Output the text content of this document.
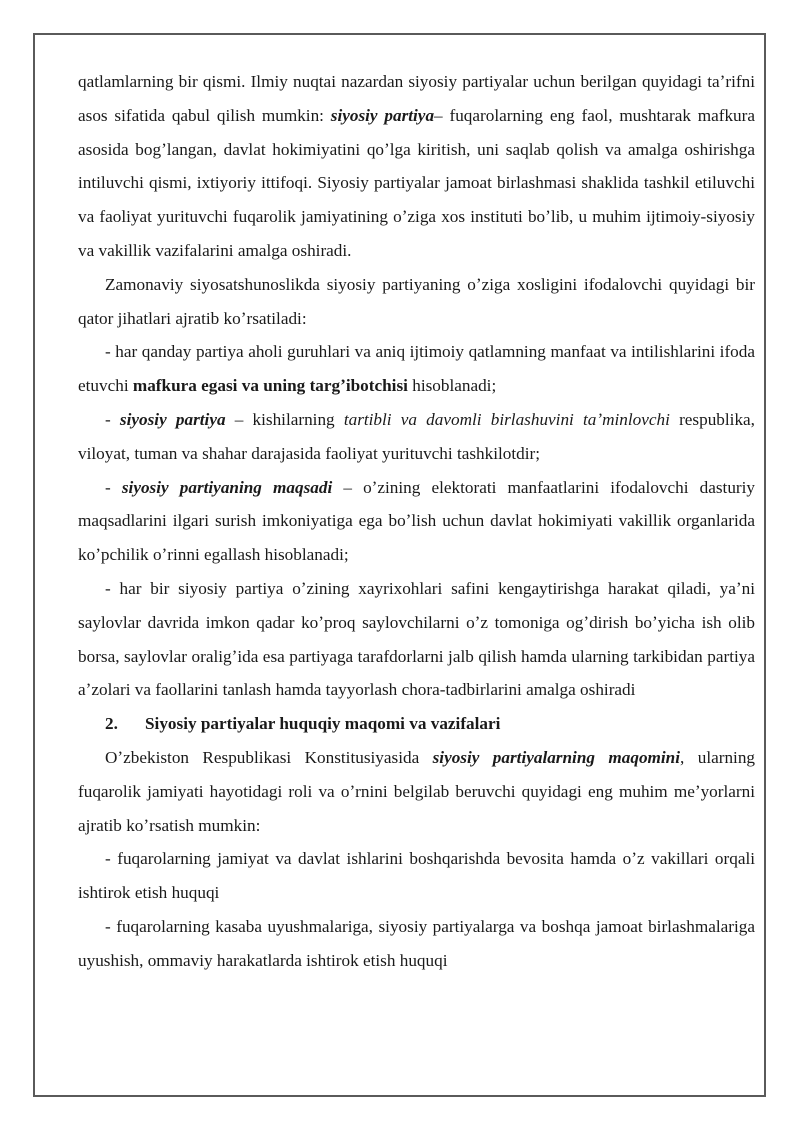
qatlamlarning bir qismi. Ilmiy nuqtai nazardan siyosiy partiyalar uchun berilgan quyidagi taʼrifni asos sifatida qabul qilish mumkin: siyosiy partiya– fuqarolarning eng faol, mushtarak mafkura asosida bogʼlangan, davlat hokimiyatini qoʼlga kiritish, uni saqlab qolish va amalga oshirishga intiluvchi qismi, ixtiyoriy ittifoqi. Siyosiy partiyalar jamoat birlashmasi shaklida tashkil etiluvchi va faoliyat yurituvchi fuqarolik jamiyatining oʼziga xos instituti boʼlib, u muhim ijtimoiy-siyosiy va vakillik vazifalarini amalga oshiradi.

Zamonaviy siyosatshunoslikda siyosiy partiyaning oʼziga xosligini ifodalovchi quyidagi bir qator jihatlari ajratib koʼrsatiladi:

- har qanday partiya aholi guruhlari va aniq ijtimoiy qatlamning manfaat va intilishlarini ifoda etuvchi mafkura egasi va uning targʼibotchisi hisoblanadi;

- siyosiy partiya – kishilarning tartibli va davomli birlashuvini taʼminlovchi respublika, viloyat, tuman va shahar darajasida faoliyat yurituvchi tashkilotdir;

- siyosiy partiyaning maqsadi – oʼzining elektorati manfaatlarini ifodalovchi dasturiy maqsadlarini ilgari surish imkoniyatiga ega boʼlish uchun davlat hokimiyati vakillik organlarida koʼpchilik oʼrinni egallash hisoblanadi;

- har bir siyosiy partiya oʼzining xayrixohlari safini kengaytirishga harakat qiladi, yaʼni saylovlar davrida imkon qadar koʼproq saylovchilarni oʼz tomoniga ogʼdirish boʼyicha ish olib borsa, saylovlar oraligʼida esa partiyaga tarafdorlarni jalb qilish hamda ularning tarkibidan partiya aʼzolari va faollarini tanlash hamda tayyorlash chora-tadbirlarini amalga oshiradi

2. Siyosiy partiyalar huquqiy maqomi va vazifalari

Oʼzbekiston Respublikasi Konstitusiyasida siyosiy partiyalarning maqomini, ularning fuqarolik jamiyati hayotidagi roli va oʼrnini belgilab beruvchi quyidagi eng muhim meʼyorlarni ajratib koʼrsatish mumkin:

- fuqarolarning jamiyat va davlat ishlarini boshqarishda bevosita hamda oʼz vakillari orqali ishtirok etish huquqi

- fuqarolarning kasaba uyushmalariga, siyosiy partiyalarga va boshqa jamoat birlashmalariga uyushish, ommaviy harakatlarda ishtirok etish huquqi
